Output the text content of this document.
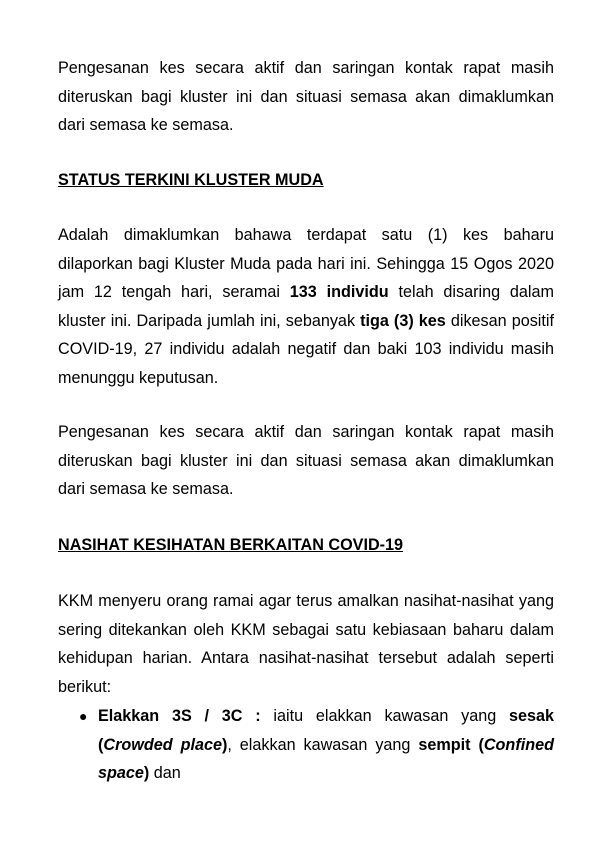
Pengesanan kes secara aktif dan saringan kontak rapat masih diteruskan bagi kluster ini dan situasi semasa akan dimaklumkan dari semasa ke semasa.

STATUS TERKINI KLUSTER MUDA

Adalah dimaklumkan bahawa terdapat satu (1) kes baharu dilaporkan bagi Kluster Muda pada hari ini. Sehingga 15 Ogos 2020 jam 12 tengah hari, seramai 133 individu telah disaring dalam kluster ini. Daripada jumlah ini, sebanyak tiga (3) kes dikesan positif COVID-19, 27 individu adalah negatif dan baki 103 individu masih menunggu keputusan.

Pengesanan kes secara aktif dan saringan kontak rapat masih diteruskan bagi kluster ini dan situasi semasa akan dimaklumkan dari semasa ke semasa.

NASIHAT KESIHATAN BERKAITAN COVID-19

KKM menyeru orang ramai agar terus amalkan nasihat-nasihat yang sering ditekankan oleh KKM sebagai satu kebiasaan baharu dalam kehidupan harian. Antara nasihat-nasihat tersebut adalah seperti berikut:

● Elakkan 3S / 3C : iaitu elakkan kawasan yang sesak (Crowded place), elakkan kawasan yang sempit (Confined space) dan
